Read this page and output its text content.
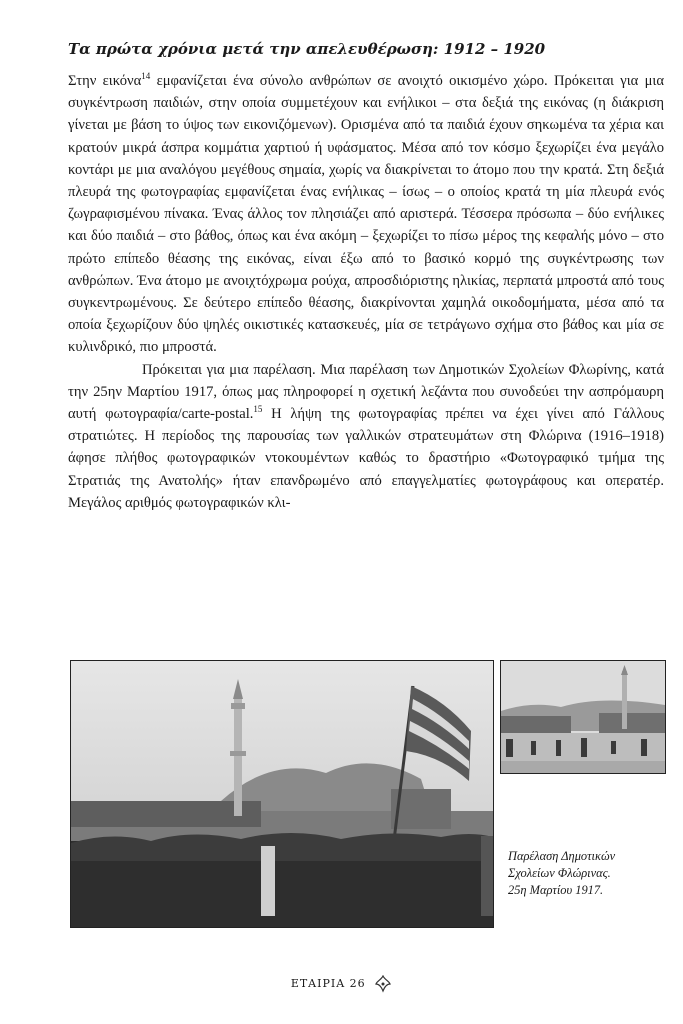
Τα πρώτα χρόνια μετά την απελευθέρωση: 1912 – 1920

Στην εικόνα$^{14}$ εμφανίζεται ένα σύνολο ανθρώπων σε ανοιχτό οικισμένο χώρο. Πρόκειται για μια συγκέντρωση παιδιών, στην οποία συμμετέχουν και ενήλικοι – στα δεξιά της εικόνας (η διάκριση γίνεται με βάση το ύψος των εικονιζόμενων). Ορισμένα από τα παιδιά έχουν σηκωμένα τα χέρια και κρατούν μικρά άσπρα κομμάτια χαρτιού ή υφάσματος. Μέσα από τον κόσμο ξεχωρίζει ένα μεγάλο κοντάρι με μια αναλόγου μεγέθους σημαία, χωρίς να διακρίνεται το άτομο που την κρατά. Στη δεξιά πλευρά της φωτογραφίας εμφανίζεται ένας ενήλικας – ίσως – ο οποίος κρατά τη μία πλευρά ενός ζωγραφισμένου πίνακα. Ένας άλλος τον πλησιάζει από αριστερά. Τέσσερα πρόσωπα – δύο ενήλικες και δύο παιδιά – στο βάθος, όπως και ένα ακόμη – ξεχωρίζει το πίσω μέρος της κεφαλής μόνο – στο πρώτο επίπεδο θέασης της εικόνας, είναι έξω από το βασικό κορμό της συγκέντρωσης των ανθρώπων. Ένα άτομο με ανοιχτόχρωμα ρούχα, απροσδιόριστης ηλικίας, περπατά μπροστά από τους συγκεντρωμένους. Σε δεύτερο επίπεδο θέασης, διακρίνονται χαμηλά οικοδομήματα, μέσα από τα οποία ξεχωρίζουν δύο ψηλές οικιστικές κατασκευές, μία σε τετράγωνο σχήμα στο βάθος και μία σε κυλινδρικό, πιο μπροστά.

Πρόκειται για μια παρέλαση. Μια παρέλαση των Δημοτικών Σχολείων Φλωρίνης, κατά την 25ην Μαρτίου 1917, όπως μας πληροφορεί η σχετική λεζάντα που συνοδεύει την ασπρόμαυρη αυτή φωτογραφία/carte-postal.$^{15}$ Η λήψη της φωτογραφίας πρέπει να έχει γίνει από Γάλλους στρατιώτες. Η περίοδος της παρουσίας των γαλλικών στρατευμάτων στη Φλώρινα (1916–1918) άφησε πλήθος φωτογραφικών ντοκουμέντων καθώς το δραστήριο «Φωτογραφικό τμήμα της Στρατιάς της Ανατολής» ήταν επανδρωμένο από επαγγελματίες φωτογράφους και οπερατέρ. Μεγάλος αριθμός φωτογραφικών κλι-

Παρέλαση Δημοτικών
Σχολείων Φλώρινας.
25η Μαρτίου 1917.
ΕΤΑΙΡΙΑ 26
